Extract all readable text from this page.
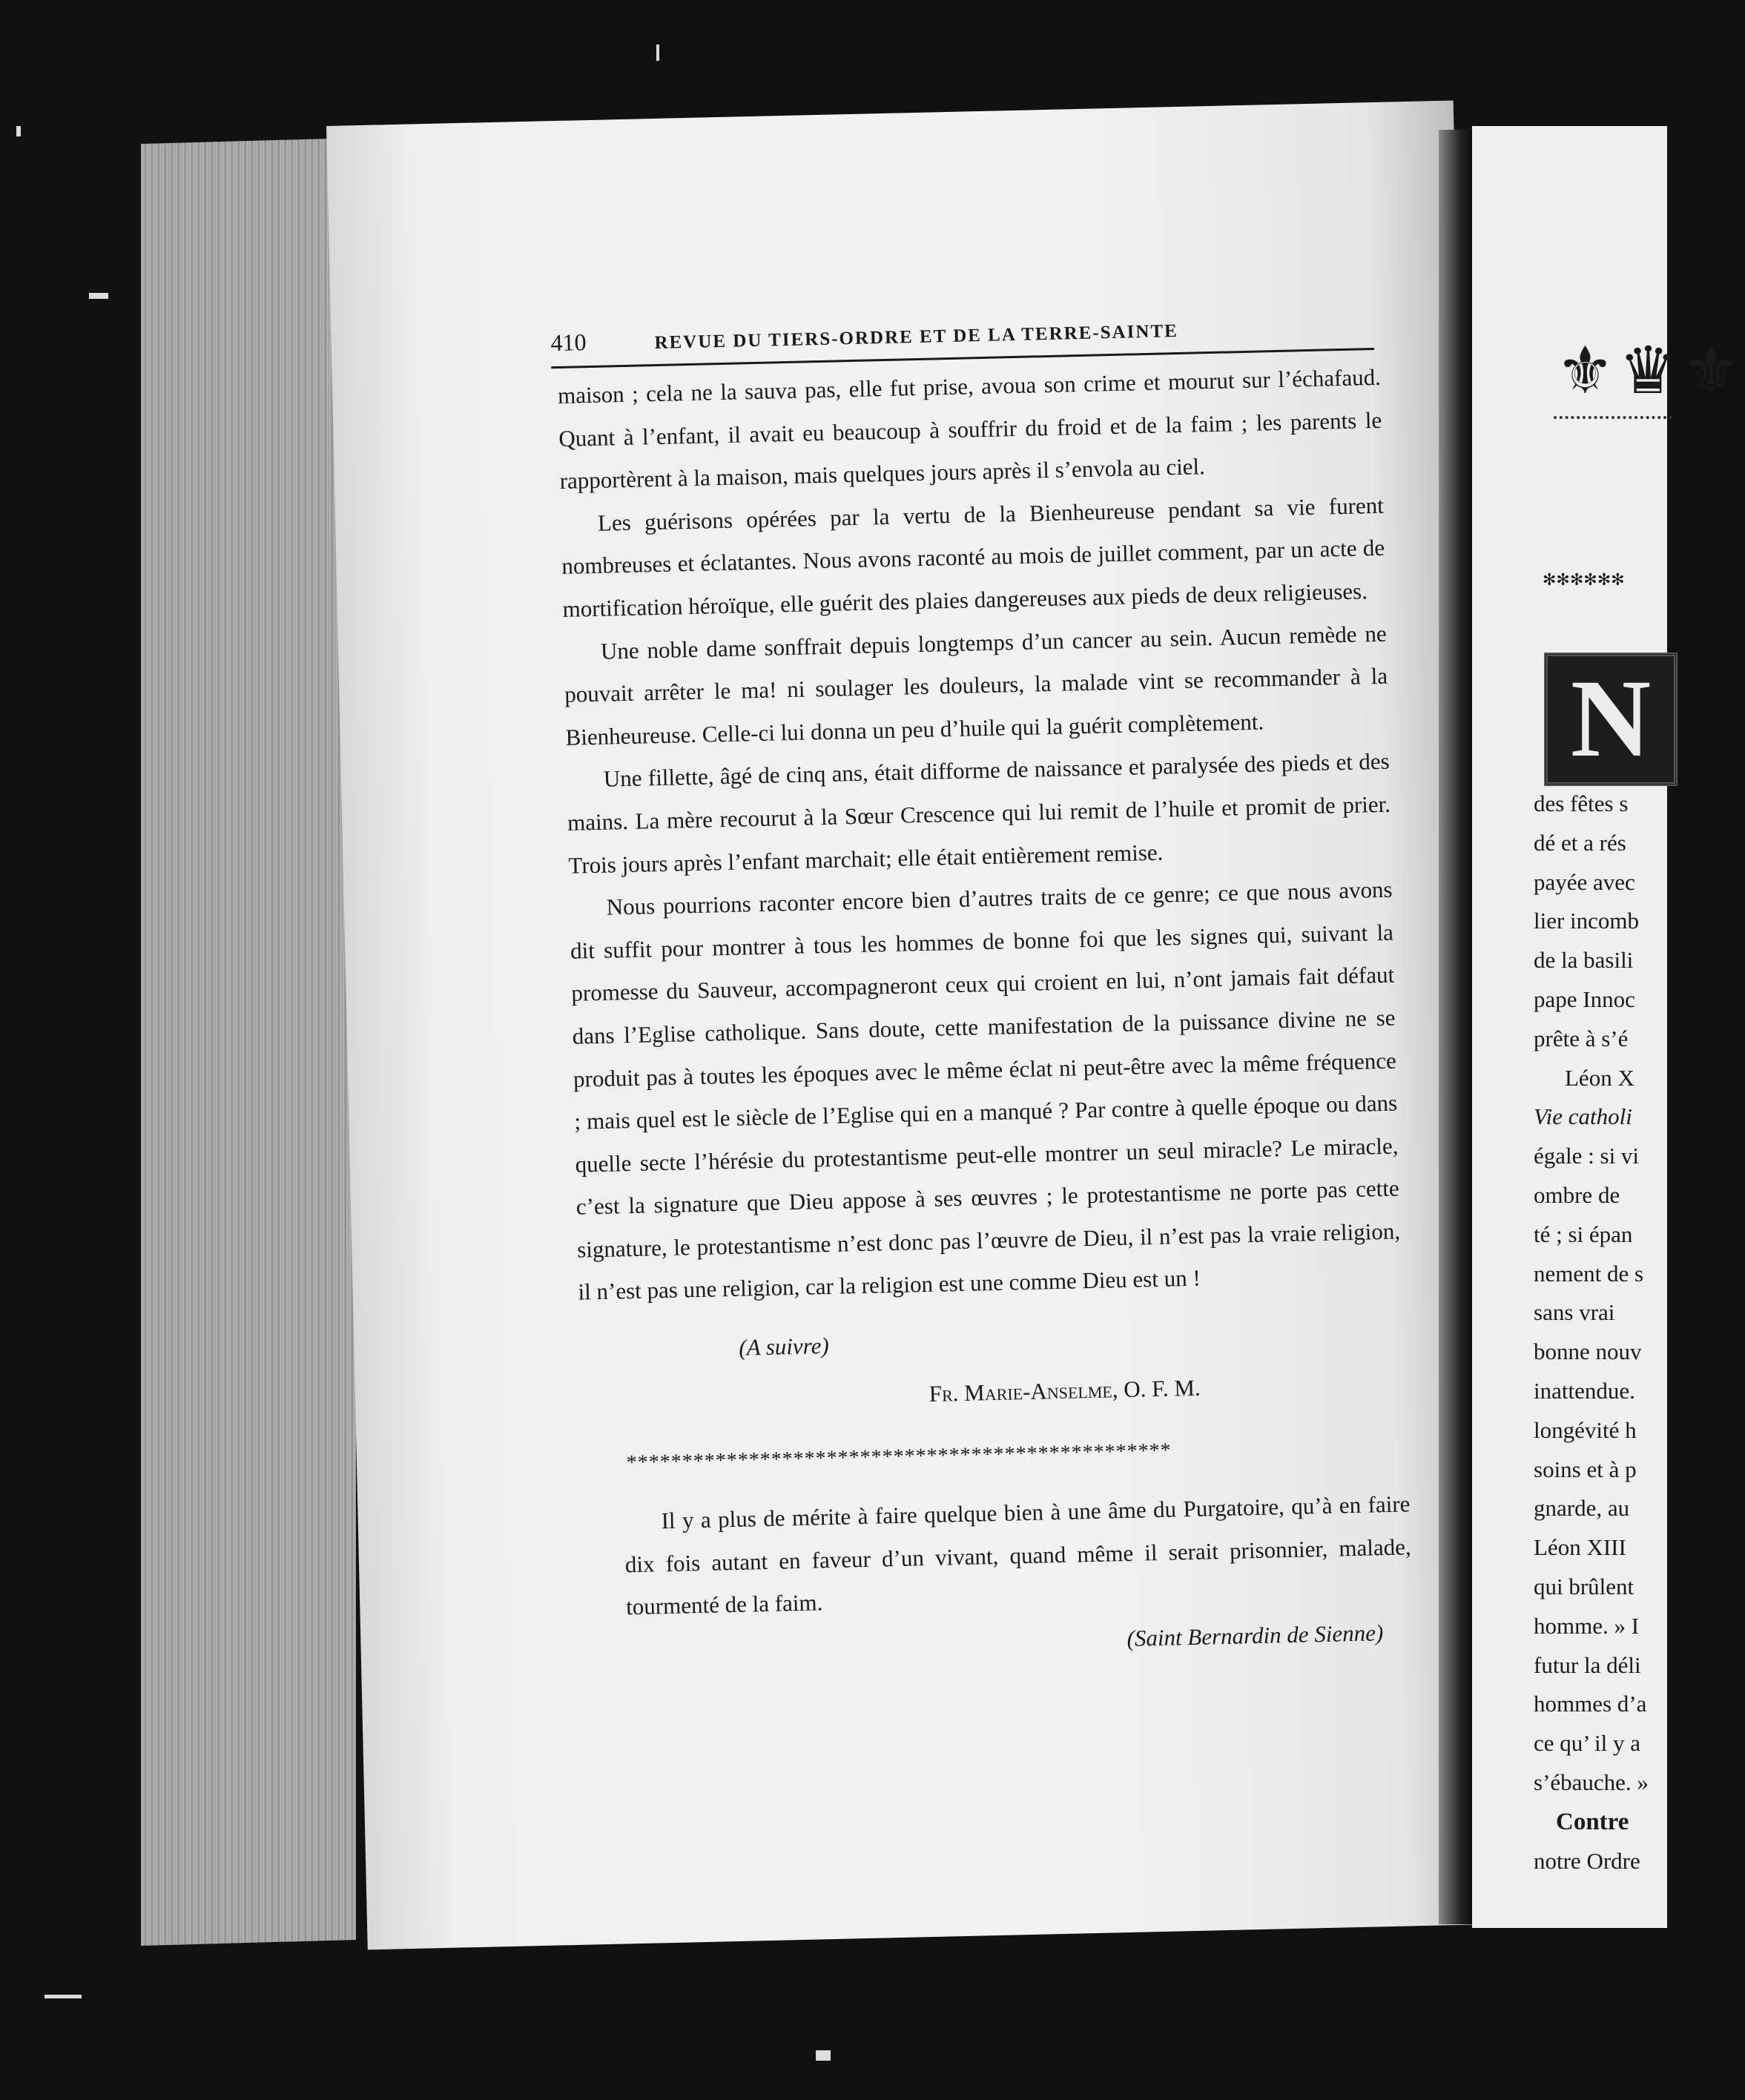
410	REVUE DU TIERS-ORDRE ET DE LA TERRE-SAINTE

maison ; cela ne la sauva pas, elle fut prise, avoua son crime et mourut sur l’échafaud. Quant à l’enfant, il avait eu beaucoup à souffrir du froid et de la faim ; les parents le rapportèrent à la maison, mais quelques jours après il s’envola au ciel.

Les guérisons opérées par la vertu de la Bienheureuse pendant sa vie furent nombreuses et éclatantes. Nous avons raconté au mois de juillet comment, par un acte de mortification héroïque, elle guérit des plaies dangereuses aux pieds de deux religieuses.

Une noble dame sonffrait depuis longtemps d’un cancer au sein. Aucun remède ne pouvait arrêter le ma! ni soulager les douleurs, la malade vint se recommander à la Bienheureuse. Celle-ci lui donna un peu d’huile qui la guérit complètement.

Une fillette, âgé de cinq ans, était difforme de naissance et paralysée des pieds et des mains. La mère recourut à la Sœur Crescence qui lui remit de l’huile et promit de prier. Trois jours après l’enfant marchait; elle était entièrement remise.

Nous pourrions raconter encore bien d’autres traits de ce genre; ce que nous avons dit suffit pour montrer à tous les hommes de bonne foi que les signes qui, suivant la promesse du Sauveur, accompagneront ceux qui croient en lui, n’ont jamais fait défaut dans l’Eglise catholique. Sans doute, cette manifestation de la puissance divine ne se produit pas à toutes les époques avec le même éclat ni peut-être avec la même fréquence ; mais quel est le siècle de l’Eglise qui en a manqué ? Par contre à quelle époque ou dans quelle secte l’hérésie du protestantisme peut-elle montrer un seul miracle? Le miracle, c’est la signature que Dieu appose à ses œuvres ; le protestantisme ne porte pas cette signature, le protestantisme n’est donc pas l’œuvre de Dieu, il n’est pas la vraie religion, il n’est pas une religion, car la religion est une comme Dieu est un !

(A suivre)
Fr. Marie-Anselme, O. F. M.
*************************************************

Il y a plus de mérite à faire quelque bien à une âme du Purgatoire, qu’à en faire dix fois autant en faveur d’un vivant, quand même il serait prisonnier, malade, tourmenté de la faim.

(Saint Bernardin de Sienne)
⚜♛⚜
✻✻✻✻✻✻
N
des fêtes s
dé et a rés
payée avec
lier incomb
de la basili
pape Innoc
prête à s’é
Léon X
Vie catholi
égale : si vi
ombre de
té ; si épan
nement de s
sans vrai
bonne nouv
inattendue.
longévité h
soins et à p
gnarde, au
Léon XIII
qui brûlent
homme. » I
futur la déli
hommes d’a
ce qu’ il y a
s’ébauche. »
Contre
notre Ordre
